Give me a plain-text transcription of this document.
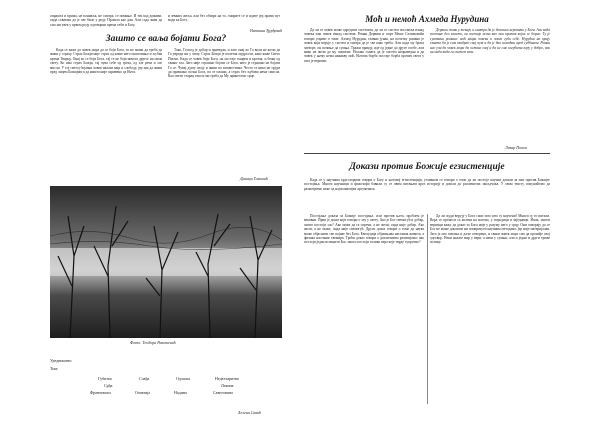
опрашта и прима, не понавља, не сматра, се помиње. И тек кад доживи, онда схватиш да је све било у реду. Прошла као дан. Али сада знам да смо ми увек у првом реду одговорни према себи и Богу.

и земних жеља, али без обзира на то, смирите се и идите јер прави пут води ка Богу.

Наташа Ђурђевић
Зашто се ваља бојати Бога?

Када се каже да човек мора да се боји Бога, то не значи да треба да живи у страху. Страх Божји није страх од казне него поштовање и љубав према Творцу. Онај ко се боји Бога, тај се не боји ничега другог на овом свету. Ко има страх Божји, тај чува себе од греха, од зле речи и зле мисли. У тој светој бојазни човек налази мир и слободу, јер зна да живи пред лицем Божијим и да ништа није скривено од Њега.

Тако, Господ је добар и праведан, и зато онај ко Га воли не жели да Га увреди ни у чему. Страх Божји је почетак мудрости, како каже Свето Писмо. Када се човек боји Бога, он постаје смирен и кротак, и бежи од сваког зла. Зато није страшно бојати се Бога, него је страшно не бојати Га се. Чувај душу своју и живи по заповестима. Често се нико не труди да правилно позна Бога, па се плаши, а страх без љубави нема смисла. Као свети старац тако и ми треба да Му принесемо срце.

Даница Томовић
Фото: Теодора Ракоњевић
Уредништво:
Тим:
Губитка	Слађа	Одласка	Неделтаризна
Срђа	Лекина
Франчевски	Ознатија	Надина	Саветовина
Моћ и немоћ Ахмеда Нурудина

Да ли се човек може одредити системом, да ли се систем поставља изнад човека или човек изнад система. Роман Дервиш и смрт Меше Селимовића говори управо о томе. Ахмед Нурудин, главни јунак, на почетку романа је човек који верује у систем и сматра да је све како треба. Али када му брата затворе, он почиње да сумња. Тражи правду, иде од једне до друге особе, али нико не жели да му помогне. Полако схвата да је систем неправедан и да човек у њему нема никакву моћ. Његова борба постаје борба против свега у шта је веровао.

Дервиш живи у текији и сматра да је довољно веровати у Бога. Али када постане део власти, он постаје исти као они против којих се борио. Ту је суштина романа: моћ квари човека и човек губи себе. Нурудин на крају схвата да је сам изабрао свој пут и да је био немоћан пред судбином. Роман нас учи да човек мора да остане свој и да не сме изгубити веру у добро, чак ни онда када га систем гази.

Лазар Попов
Докази против Божије егзистенције

Када се у научним кругозорима говори о Богу и његовој егзистенцији, углавном се говори о томе да ли постоје научни докази за или против Божијег постојања. Многи научници и филозофи бавили су се овим питањем кроз историју и дошли до различитих закључака. У овом тексту покушаћемо да размотримо неке од најпознатијих аргумената.

Постојање доказа за Божије постојање, или против њега, проблем је вековни. Први је доказ који говори о злу у свету. Ако је Бог свемогућ и добар, зашто постоји зло? Ако може да га спречи, а не жели, онда није добар. Ако жели, а не може, онда није свемогућ. Други доказ говори о томе да наука може објаснити све појаве без Бога. Еволуција објашњава настанак живота, а физика настанак свемира. Трећи доказ говори о различитим религијама: ако постоји један истинити Бог, зашто постоји толико вера које тврде супротно?

Да ли људи верују у Бога само зато што су научени? Многи су то питали. Вера се преноси са колена на колено, у породици и заједници. Ипак, многи верници кажу да доказ за Бога није у разуму него у срцу. Они сматрају да се Бог не може доказати ни оповргнути научним методама, јер није материјалан. Зато је ово питање и даље отворено, и сваки човек мора сам да пронађе свој одговор. Неки налазе мир у вери, а неки у сумњи, али и једни и други траже истину.

Хелена Савић
